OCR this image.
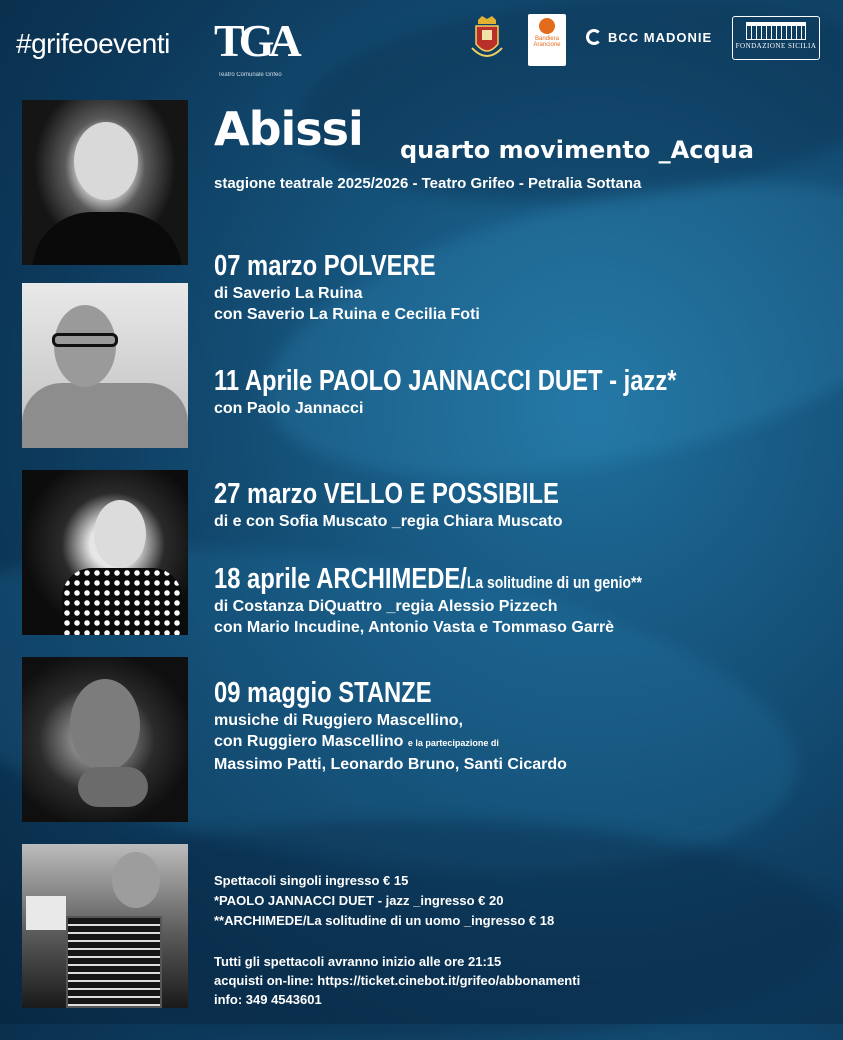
#grifeoeventi TGA
Teatro Comunale Grifeo
Bandiera Arancione
BCC MADONIE
FONDAZIONE SICILIA
Abissi quarto movimento _Acqua
stagione teatrale 2025/2026 - Teatro Grifeo - Petralia Sottana
07 marzo POLVERE
di Saverio La Ruina
con Saverio La Ruina e Cecilia Foti
11 Aprile PAOLO JANNACCI DUET - jazz*
con Paolo Jannacci
27 marzo VELLO E POSSIBILE
di e con Sofia Muscato _regia Chiara Muscato
18 aprile ARCHIMEDE/La solitudine di un genio**
di Costanza DiQuattro _regia Alessio Pizzech
con Mario Incudine, Antonio Vasta e Tommaso Garrè
09 maggio STANZE
musiche di Ruggiero Mascellino,
con Ruggiero Mascellino e la partecipazione di
Massimo Patti, Leonardo Bruno, Santi Cicardo
Spettacoli singoli ingresso € 15
*PAOLO JANNACCI DUET - jazz _ingresso € 20
**ARCHIMEDE/La solitudine di un uomo _ingresso € 18
Tutti gli spettacoli avranno inizio alle ore 21:15
acquisti on-line: https://ticket.cinebot.it/grifeo/abbonamenti
info: 349 4543601
